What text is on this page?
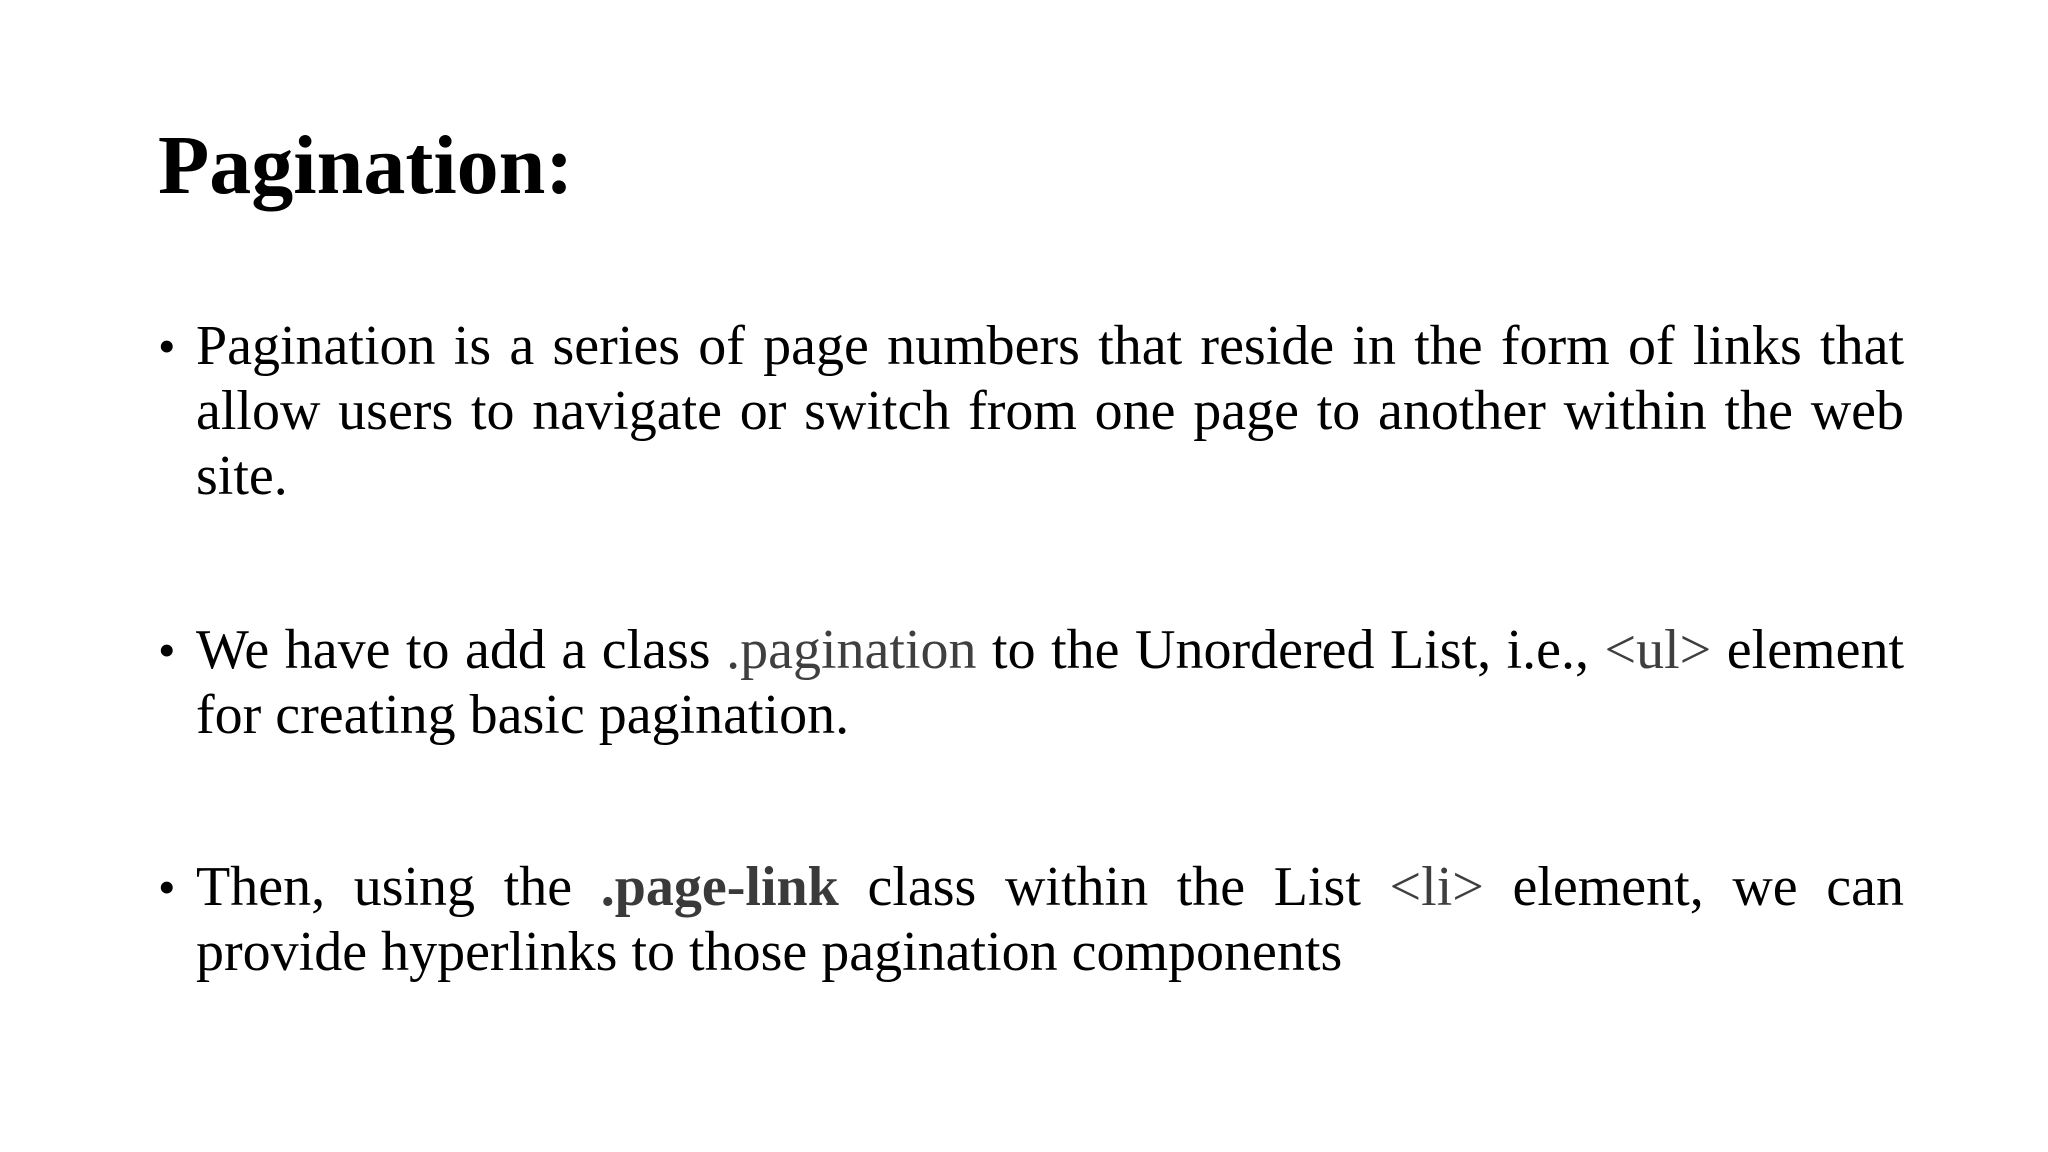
Pagination:
• Pagination is a series of page numbers that reside in the form of links that allow users to navigate or switch from one page to another within the web site.

• We have to add a class .pagination to the Unordered List, i.e., <ul> element for creating basic pagination.

• Then, using the .page-link class within the List <li> element, we can provide hyperlinks to those pagination components
